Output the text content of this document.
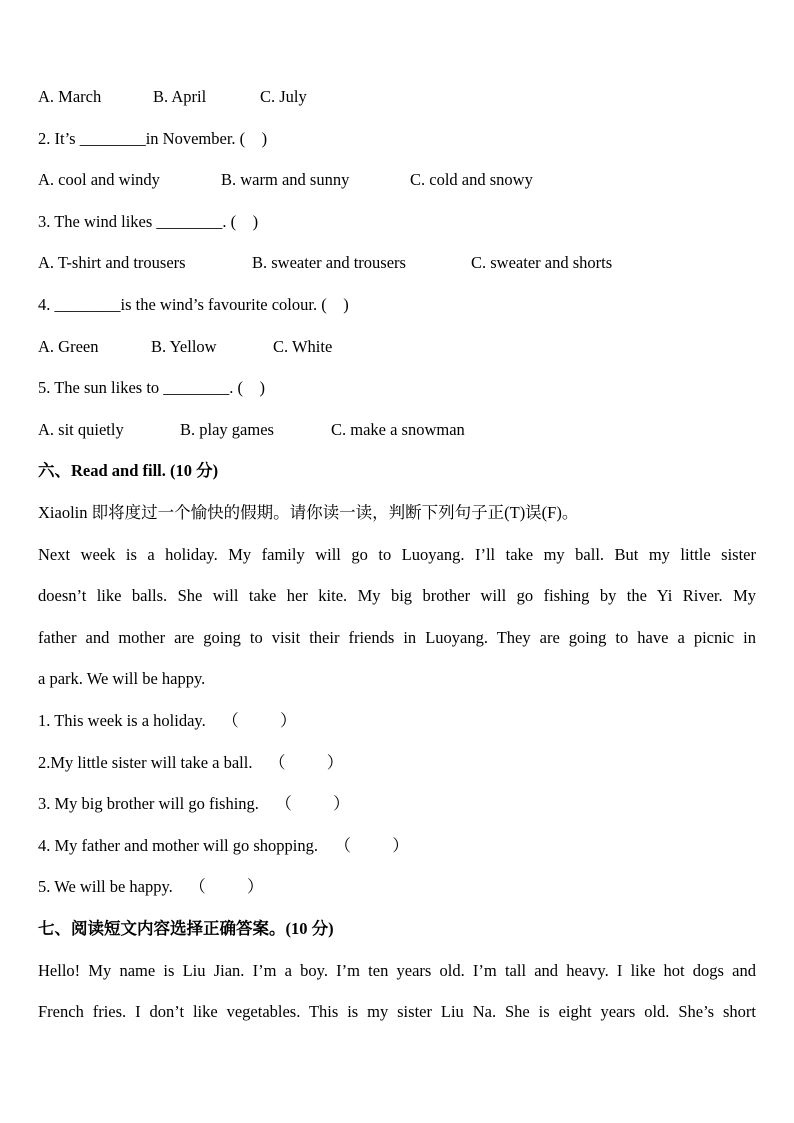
A. March	B. April	C. July
2. It’s ________in November. (    )
A. cool and windy	B. warm and sunny	C. cold and snowy
3. The wind likes ________. (    )
A. T-shirt and trousers	B. sweater and trousers	C. sweater and shorts
4. ________is the wind’s favourite colour. (    )
A. Green	B. Yellow	C. White
5. The sun likes to ________. (    )
A. sit quietly	B. play games	C. make a snowman
六、Read and fill. (10 分)
Xiaolin 即将度过一个愉快的假期。请你读一读，判断下列句子正(T)误(F)。
Next week is a holiday. My family will go to Luoyang. I’ll take my ball. But my little sister
doesn’t like balls. She will take her kite. My big brother will go fishing by the Yi River. My
father and mother are going to visit their friends in Luoyang. They are going to have a picnic in
a park. We will be happy.
1. This week is a holiday.    （          ）
2.My little sister will take a ball.    （          ）
3. My big brother will go fishing.    （          ）
4. My father and mother will go shopping.    （          ）
5. We will be happy.    （          ）
七、阅读短文内容选择正确答案。(10 分)
Hello! My name is Liu Jian. I’m a boy. I’m ten years old. I’m tall and heavy. I like hot dogs and
French fries. I don’t like vegetables. This is my sister Liu Na. She is eight years old. She’s short
